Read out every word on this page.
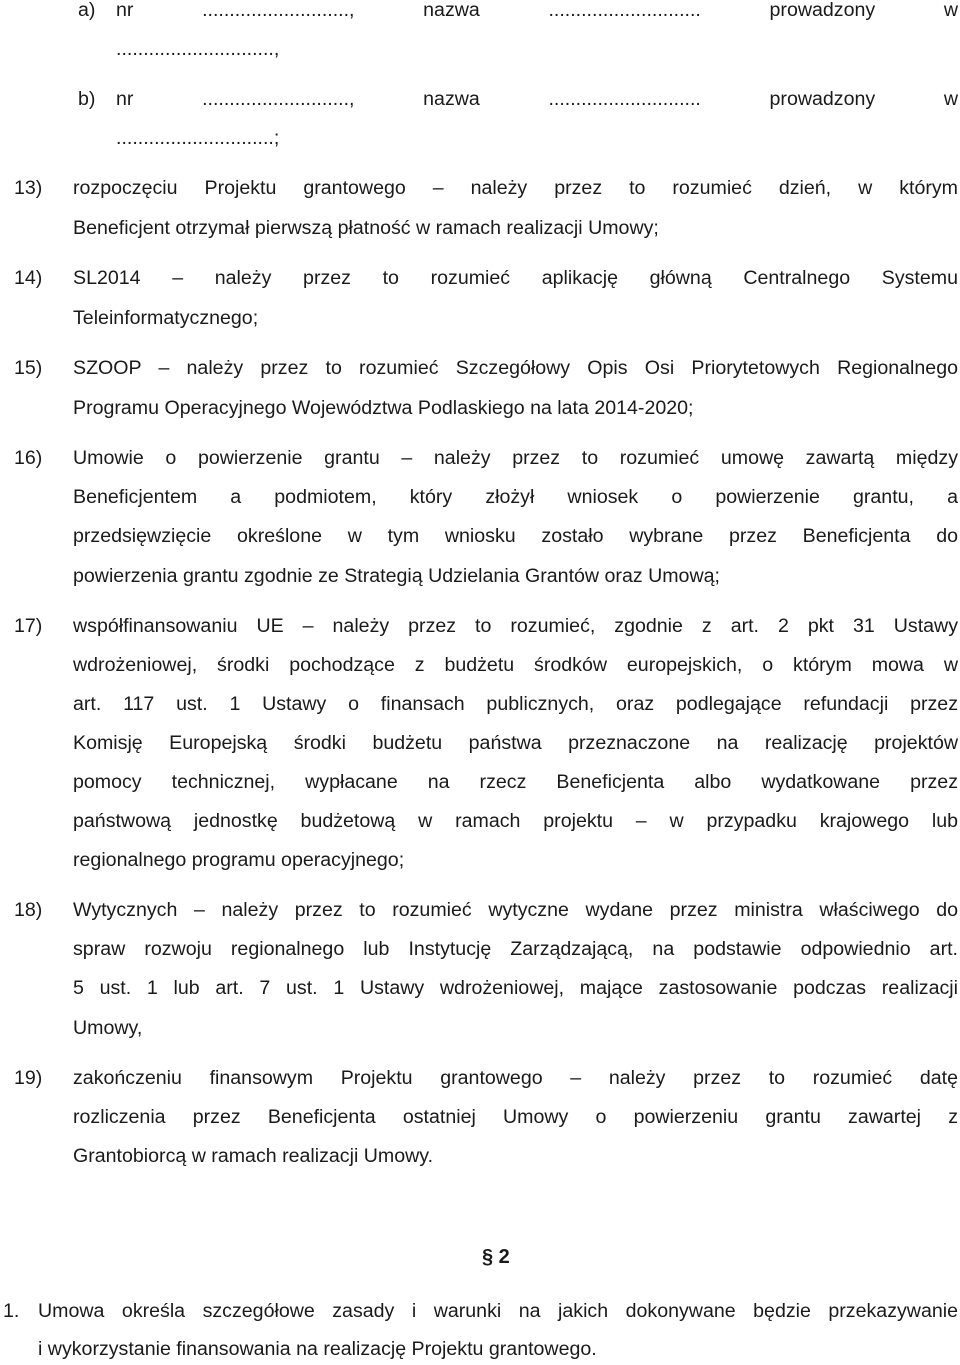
a) nr ..........................., nazwa ............................ prowadzony w
.............................,
b) nr ..........................., nazwa ............................ prowadzony w
.............................;
13) rozpoczęciu Projektu grantowego – należy przez to rozumieć dzień, w którym
Beneficjent otrzymał pierwszą płatność w ramach realizacji Umowy;
14) SL2014 – należy przez to rozumieć aplikację główną Centralnego Systemu
Teleinformatycznego;
15) SZOOP – należy przez to rozumieć Szczegółowy Opis Osi Priorytetowych Regionalnego
Programu Operacyjnego Województwa Podlaskiego na lata 2014-2020;
16) Umowie o powierzenie grantu – należy przez to rozumieć umowę zawartą między
Beneficjentem a podmiotem, który złożył wniosek o powierzenie grantu, a
przedsięwzięcie określone w tym wniosku zostało wybrane przez Beneficjenta do
powierzenia grantu zgodnie ze Strategią Udzielania Grantów oraz Umową;
17) współfinansowaniu UE – należy przez to rozumieć, zgodnie z art. 2 pkt 31 Ustawy
wdrożeniowej, środki pochodzące z budżetu środków europejskich, o którym mowa w
art. 117 ust. 1 Ustawy o finansach publicznych, oraz podlegające refundacji przez
Komisję Europejską środki budżetu państwa przeznaczone na realizację projektów
pomocy technicznej, wypłacane na rzecz Beneficjenta albo wydatkowane przez
państwową jednostkę budżetową w ramach projektu – w przypadku krajowego lub
regionalnego programu operacyjnego;
18) Wytycznych – należy przez to rozumieć wytyczne wydane przez ministra właściwego do
spraw rozwoju regionalnego lub Instytucję Zarządzającą, na podstawie odpowiednio art.
5 ust. 1 lub art. 7 ust. 1 Ustawy wdrożeniowej, mające zastosowanie podczas realizacji
Umowy,
19) zakończeniu finansowym Projektu grantowego – należy przez to rozumieć datę
rozliczenia przez Beneficjenta ostatniej Umowy o powierzeniu grantu zawartej z
Grantobiorcą w ramach realizacji Umowy.
§ 2
1. Umowa określa szczegółowe zasady i warunki na jakich dokonywane będzie przekazywanie
i wykorzystanie finansowania na realizację Projektu grantowego.
